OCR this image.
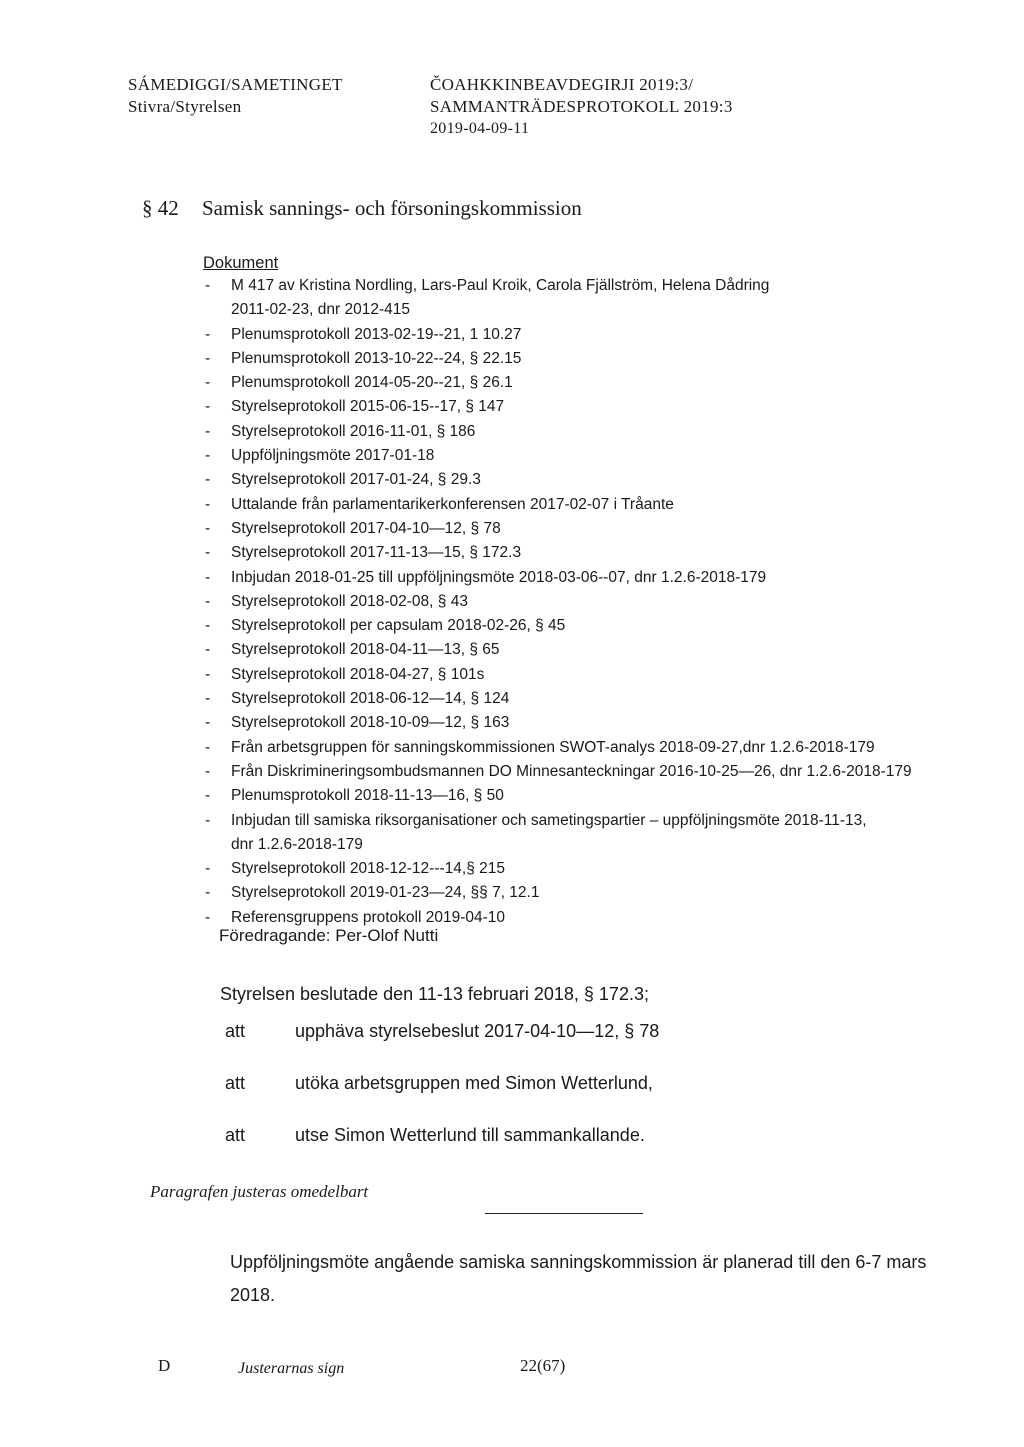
SÁMEDIGGI/SAMETINGET
Stivra/Styrelsen
ČOAHKKINBEAVDEGIRJI 2019:3/
SAMMANTRÄDESPROTOKOLL 2019:3
2019-04-09-11
§ 42 Samisk sannings- och försoningskommission
Dokument
- M 417 av Kristina Nordling, Lars-Paul Kroik, Carola Fjällström, Helena Dådring
2011-02-23, dnr 2012-415
- Plenumsprotokoll 2013-02-19--21, 1 10.27
- Plenumsprotokoll 2013-10-22--24, § 22.15
- Plenumsprotokoll 2014-05-20--21, § 26.1
- Styrelseprotokoll 2015-06-15--17, § 147
- Styrelseprotokoll 2016-11-01, § 186
- Uppföljningsmöte 2017-01-18
- Styrelseprotokoll 2017-01-24, § 29.3
- Uttalande från parlamentarikerkonferensen 2017-02-07 i Tråante
- Styrelseprotokoll 2017-04-10—12, § 78
- Styrelseprotokoll 2017-11-13—15, § 172.3
- Inbjudan 2018-01-25 till uppföljningsmöte 2018-03-06--07, dnr 1.2.6-2018-179
- Styrelseprotokoll 2018-02-08, § 43
- Styrelseprotokoll per capsulam 2018-02-26, § 45
- Styrelseprotokoll 2018-04-11—13, § 65
- Styrelseprotokoll 2018-04-27, § 101s
- Styrelseprotokoll 2018-06-12—14, § 124
- Styrelseprotokoll 2018-10-09—12, § 163
- Från arbetsgruppen för sanningskommissionen SWOT-analys 2018-09-27,dnr 1.2.6-2018-179
- Från Diskrimineringsombudsmannen DO Minnesanteckningar 2016-10-25—26, dnr 1.2.6-2018-179
- Plenumsprotokoll 2018-11-13—16, § 50
- Inbjudan till samiska riksorganisationer och sametingspartier – uppföljningsmöte 2018-11-13,
dnr 1.2.6-2018-179
- Styrelseprotokoll 2018-12-12---14,§ 215
- Styrelseprotokoll 2019-01-23—24, §§ 7, 12.1
- Referensgruppens protokoll 2019-04-10
Föredragande: Per-Olof Nutti
Styrelsen beslutade den 11-13 februari 2018, § 172.3;
att	upphäva styrelsebeslut 2017-04-10—12, § 78
att	utöka arbetsgruppen med Simon Wetterlund,
att	utse Simon Wetterlund till sammankallande.
Paragrafen justeras omedelbart
Uppföljningsmöte angående samiska sanningskommission är planerad till den 6-7 mars 2018.
D	Justerarnas sign	22(67)
